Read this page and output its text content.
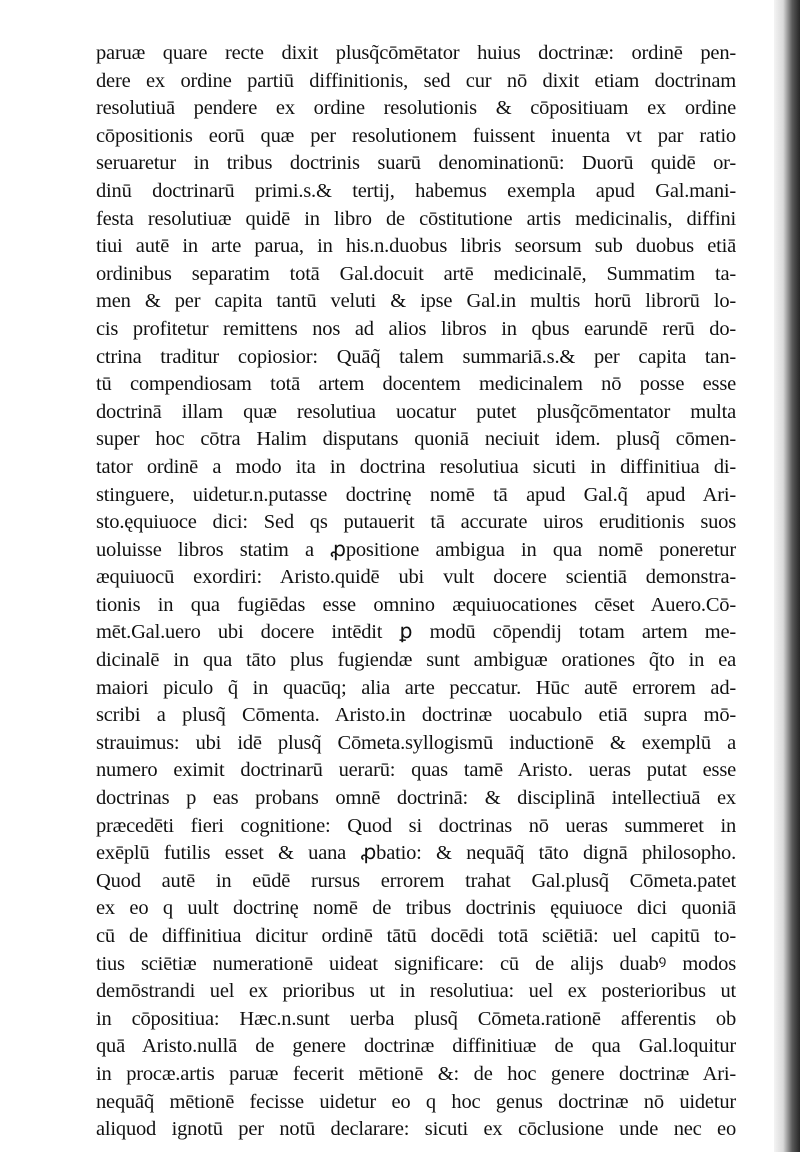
paruæ quare recte dixit plusq̃cōmētator huius doctrinæ: ordinē pen-
dere ex ordine partiū diffinitionis, sed cur nō dixit etiam doctrinam
resolutiuā pendere ex ordine resolutionis & cōpositiuam ex ordine
cōpositionis eorū quæ per resolutionem fuissent inuenta vt par ratio
seruaretur in tribus doctrinis suarū denominationū: Duorū quidē or-
dinū doctrinarū primi.s.& tertij, habemus exempla apud Gal.mani-
festa resolutiuæ quidē in libro de cōstitutione artis medicinalis, diffini
tiui autē in arte parua, in his.n.duobus libris seorsum sub duobus etiā
ordinibus separatim totā Gal.docuit artē medicinalē, Summatim ta-
men & per capita tantū veluti & ipse Gal.in multis horū librorū lo-
cis profitetur remittens nos ad alios libros in qbus earundē rerū do-
ctrina traditur copiosior: Quāq̃ talem summariā.s.& per capita tan-
tū compendiosam totā artem docentem medicinalem nō posse esse
doctrinā illam quæ resolutiua uocatur putet plusq̃cōmentator multa
super hoc cōtra Halim disputans quoniā neciuit idem. plusq̃ cōmen-
tator ordinē a modo ita in doctrina resolutiua sicuti in diffinitiua di-
stinguere, uidetur.n.putasse doctrinę nomē tā apud Gal.q̃ apud Ari-
sto.ęquiuoce dici: Sed qs putauerit tā accurate uiros eruditionis suos
uoluisse libros statim a ꝓpositione ambigua in qua nomē poneretur
æquiuocū exordiri: Aristo.quidē ubi vult docere scientiā demonstra-
tionis in qua fugiēdas esse omnino æquiuocationes cēset Auero.Cō-
mēt.Gal.uero ubi docere intēdit ꝑ modū cōpendij totam artem me-
dicinalē in qua tāto plus fugiendæ sunt ambiguæ orationes q̃to in ea
maiori piculo q̃ in quacūq; alia arte peccatur. Hūc autē errorem ad-
scribi a plusq̃ Cōmenta. Aristo.in doctrinæ uocabulo etiā supra mō-
strauimus: ubi idē plusq̃ Cōmeta.syllogismū inductionē & exemplū a
numero eximit doctrinarū uerarū: quas tamē Aristo. ueras putat esse
doctrinas p eas probans omnē doctrinā: & disciplinā intellectiuā ex
præcedēti fieri cognitione: Quod si doctrinas nō ueras summeret in
exēplū futilis esset & uana ꝓbatio: & nequāq̃ tāto dignā philosopho.
Quod autē in eūdē rursus errorem trahat Gal.plusq̃ Cōmeta.patet
ex eo q uult doctrinę nomē de tribus doctrinis ęquiuoce dici quoniā
cū de diffinitiua dicitur ordinē tātū docēdi totā sciētiā: uel capitū to-
tius sciētiæ numerationē uideat significare: cū de alijs duabꝰ modos
demōstrandi uel ex prioribus ut in resolutiua: uel ex posterioribus ut
in cōpositiua: Hæc.n.sunt uerba plusq̃ Cōmeta.rationē afferentis ob
quā Aristo.nullā de genere doctrinæ diffinitiuæ de qua Gal.loquitur
in procæ.artis paruæ fecerit mētionē &: de hoc genere doctrinæ Ari-
nequāq̃ mētionē fecisse uidetur eo q hoc genus doctrinæ nō uidetur
aliquod ignotū per notū declarare: sicuti ex cōclusione unde nec eo
